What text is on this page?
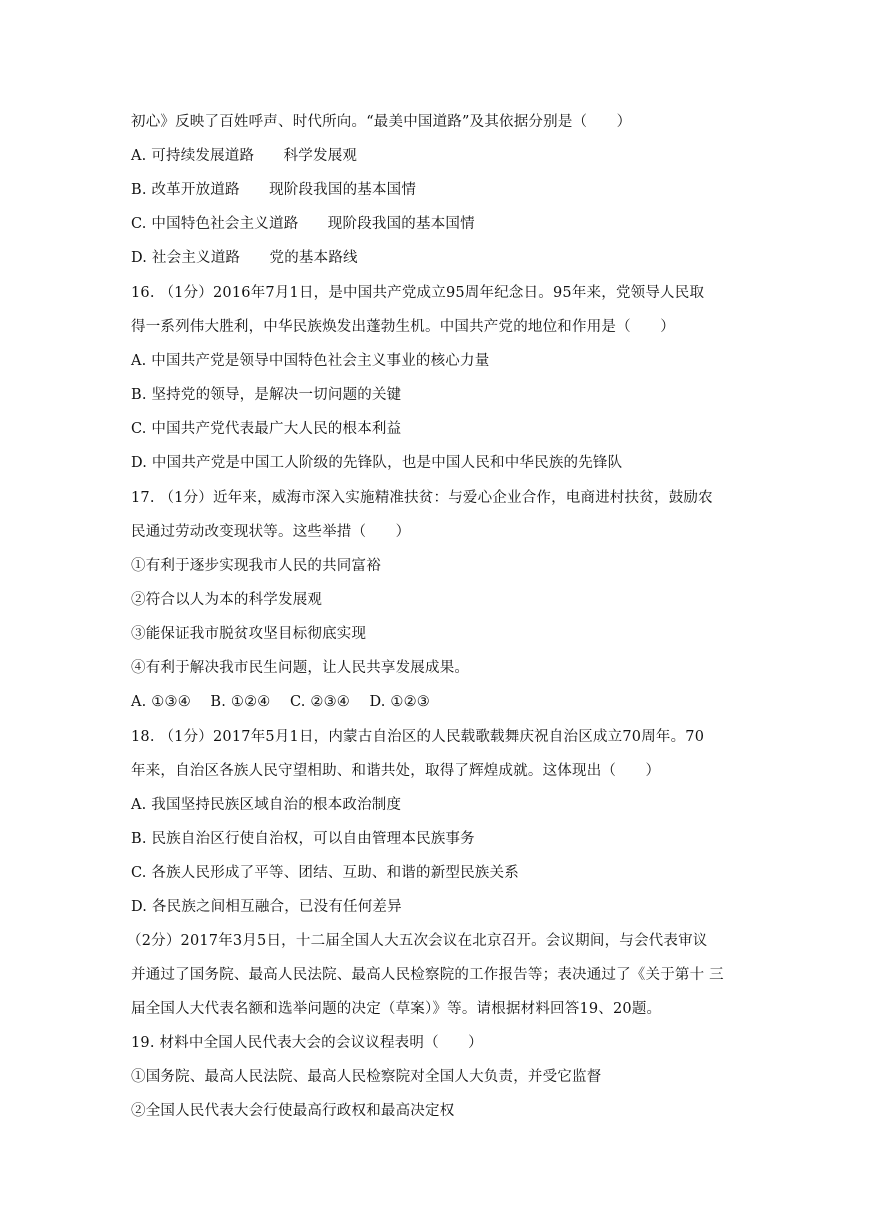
初心》反映了百姓呼声、时代所向。“最美中国道路”及其依据分别是（　　）
A. 可持续发展道路　　科学发展观
B. 改革开放道路　　现阶段我国的基本国情
C. 中国特色社会主义道路　　现阶段我国的基本国情
D. 社会主义道路　　党的基本路线
16. （1分）2016年7月1日，是中国共产党成立95周年纪念日。95年来，党领导人民取
得一系列伟大胜利，中华民族焕发出蓬勃生机。中国共产党的地位和作用是（　　）
A. 中国共产党是领导中国特色社会主义事业的核心力量
B. 坚持党的领导，是解决一切问题的关键
C. 中国共产党代表最广大人民的根本利益
D. 中国共产党是中国工人阶级的先锋队，也是中国人民和中华民族的先锋队
17. （1分）近年来，威海市深入实施精准扶贫：与爱心企业合作，电商进村扶贫，鼓励农
民通过劳动改变现状等。这些举措（　　）
①有利于逐步实现我市人民的共同富裕
②符合以人为本的科学发展观
③能保证我市脱贫攻坚目标彻底实现
④有利于解决我市民生问题，让人民共享发展成果。
A. ①③④　 B. ①②④　 C. ②③④　 D. ①②③
18. （1分）2017年5月1日，内蒙古自治区的人民载歌载舞庆祝自治区成立70周年。70
年来，自治区各族人民守望相助、和谐共处，取得了辉煌成就。这体现出（　　）
A. 我国坚持民族区域自治的根本政治制度
B. 民族自治区行使自治权，可以自由管理本民族事务
C. 各族人民形成了平等、团结、互助、和谐的新型民族关系
D. 各民族之间相互融合，已没有任何差异
（2分）2017年3月5日，十二届全国人大五次会议在北京召开。会议期间，与会代表审议
并通过了国务院、最高人民法院、最高人民检察院的工作报告等；表决通过了《关于第十 三
届全国人大代表名额和选举问题的决定（草案）》等。请根据材料回答19、20题。
19. 材料中全国人民代表大会的会议议程表明（　　）
①国务院、最高人民法院、最高人民检察院对全国人大负责，并受它监督
②全国人民代表大会行使最高行政权和最高决定权
